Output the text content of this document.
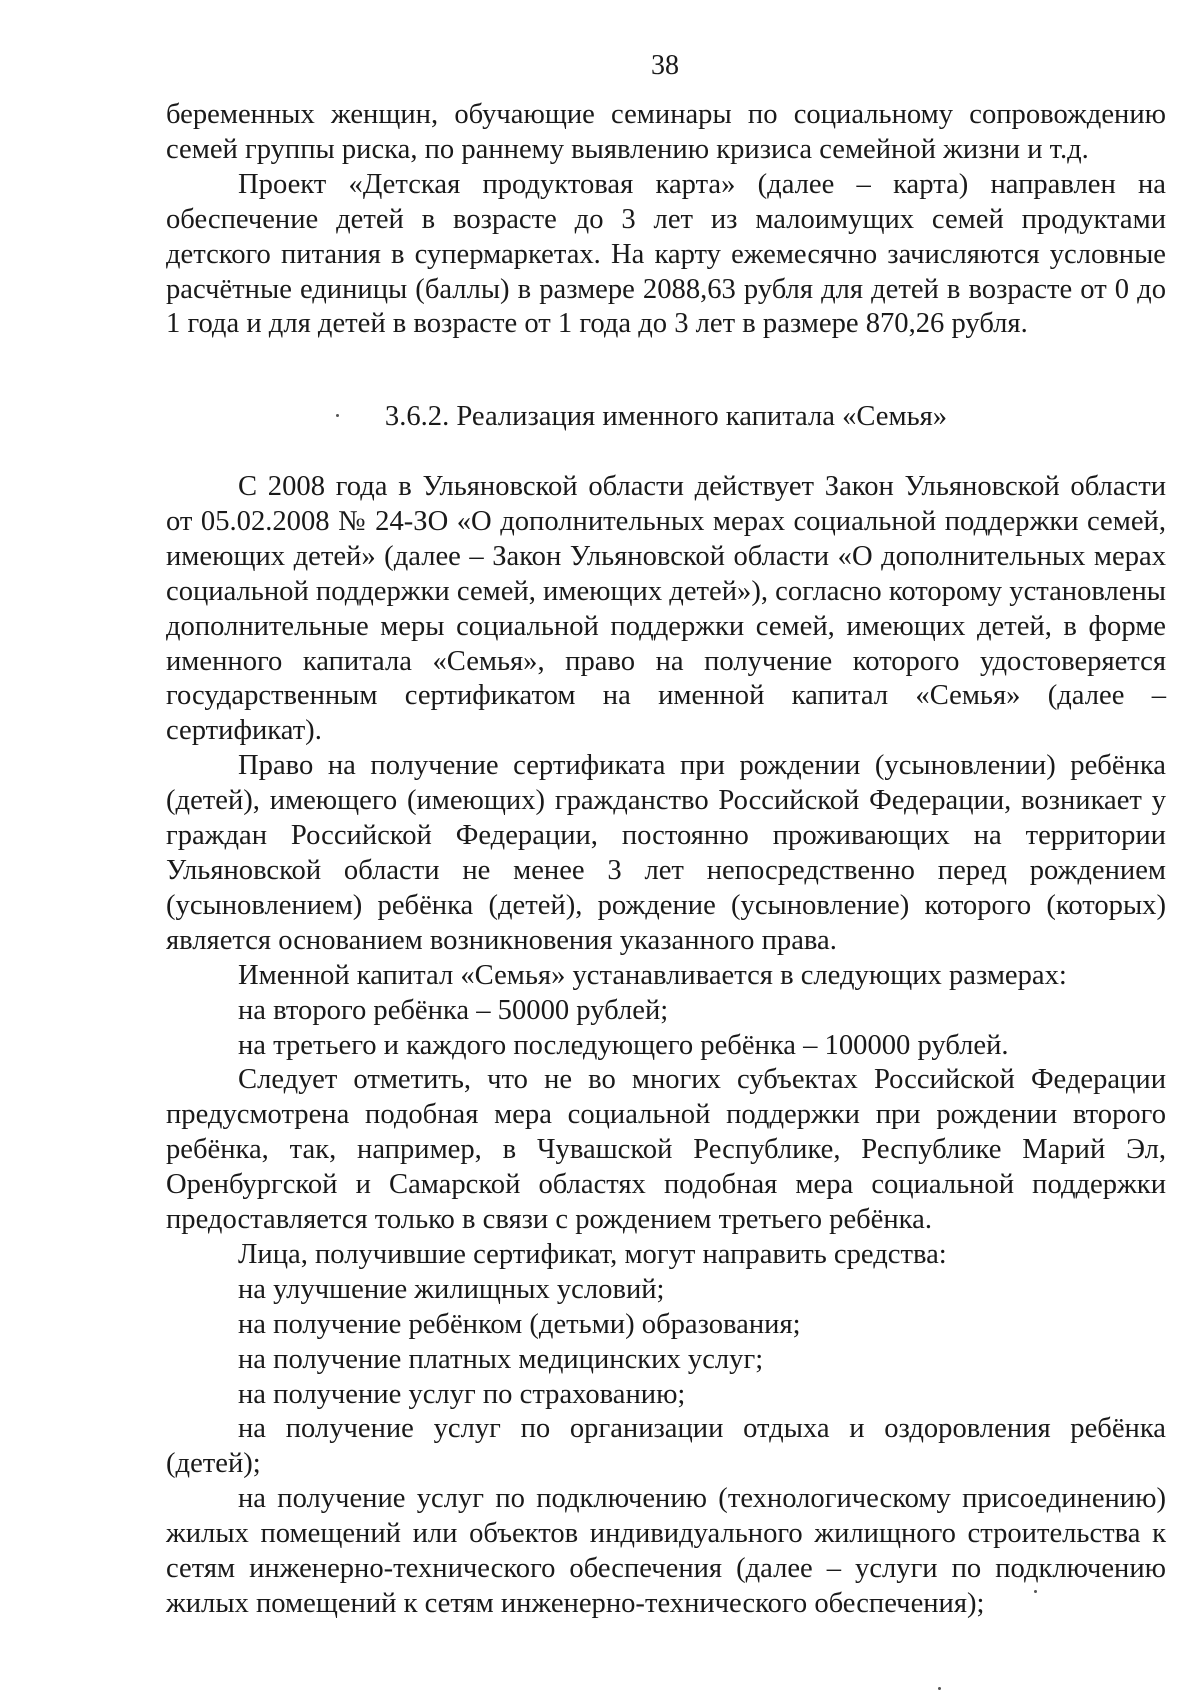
38

беременных женщин, обучающие семинары по социальному сопровождению семей группы риска, по раннему выявлению кризиса семейной жизни и т.д.

Проект «Детская продуктовая карта» (далее – карта) направлен на обеспечение детей в возрасте до 3 лет из малоимущих семей продуктами детского питания в супермаркетах. На карту ежемесячно зачисляются условные расчётные единицы (баллы) в размере 2088,63 рубля для детей в возрасте от 0 до 1 года и для детей в возрасте от 1 года до 3 лет в размере 870,26 рубля.

3.6.2. Реализация именного капитала «Семья»

С 2008 года в Ульяновской области действует Закон Ульяновской области от 05.02.2008 № 24-ЗО «О дополнительных мерах социальной поддержки семей, имеющих детей» (далее – Закон Ульяновской области «О дополнительных мерах социальной поддержки семей, имеющих детей»), согласно которому установлены дополнительные меры социальной поддержки семей, имеющих детей, в форме именного капитала «Семья», право на получение которого удостоверяется государственным сертификатом на именной капитал «Семья» (далее – сертификат).

Право на получение сертификата при рождении (усыновлении) ребёнка (детей), имеющего (имеющих) гражданство Российской Федерации, возникает у граждан Российской Федерации, постоянно проживающих на территории Ульяновской области не менее 3 лет непосредственно перед рождением (усыновлением) ребёнка (детей), рождение (усыновление) которого (которых) является основанием возникновения указанного права.

Именной капитал «Семья» устанавливается в следующих размерах:

на второго ребёнка – 50000 рублей;

на третьего и каждого последующего ребёнка – 100000 рублей.

Следует отметить, что не во многих субъектах Российской Федерации предусмотрена подобная мера социальной поддержки при рождении второго ребёнка, так, например, в Чувашской Республике, Республике Марий Эл, Оренбургской и Самарской областях подобная мера социальной поддержки предоставляется только в связи с рождением третьего ребёнка.

Лица, получившие сертификат, могут направить средства:

на улучшение жилищных условий;

на получение ребёнком (детьми) образования;

на получение платных медицинских услуг;

на получение услуг по страхованию;

на получение услуг по организации отдыха и оздоровления ребёнка (детей);

на получение услуг по подключению (технологическому присоединению) жилых помещений или объектов индивидуального жилищного строительства к сетям инженерно-технического обеспечения (далее – услуги по подключению жилых помещений к сетям инженерно-технического обеспечения);
